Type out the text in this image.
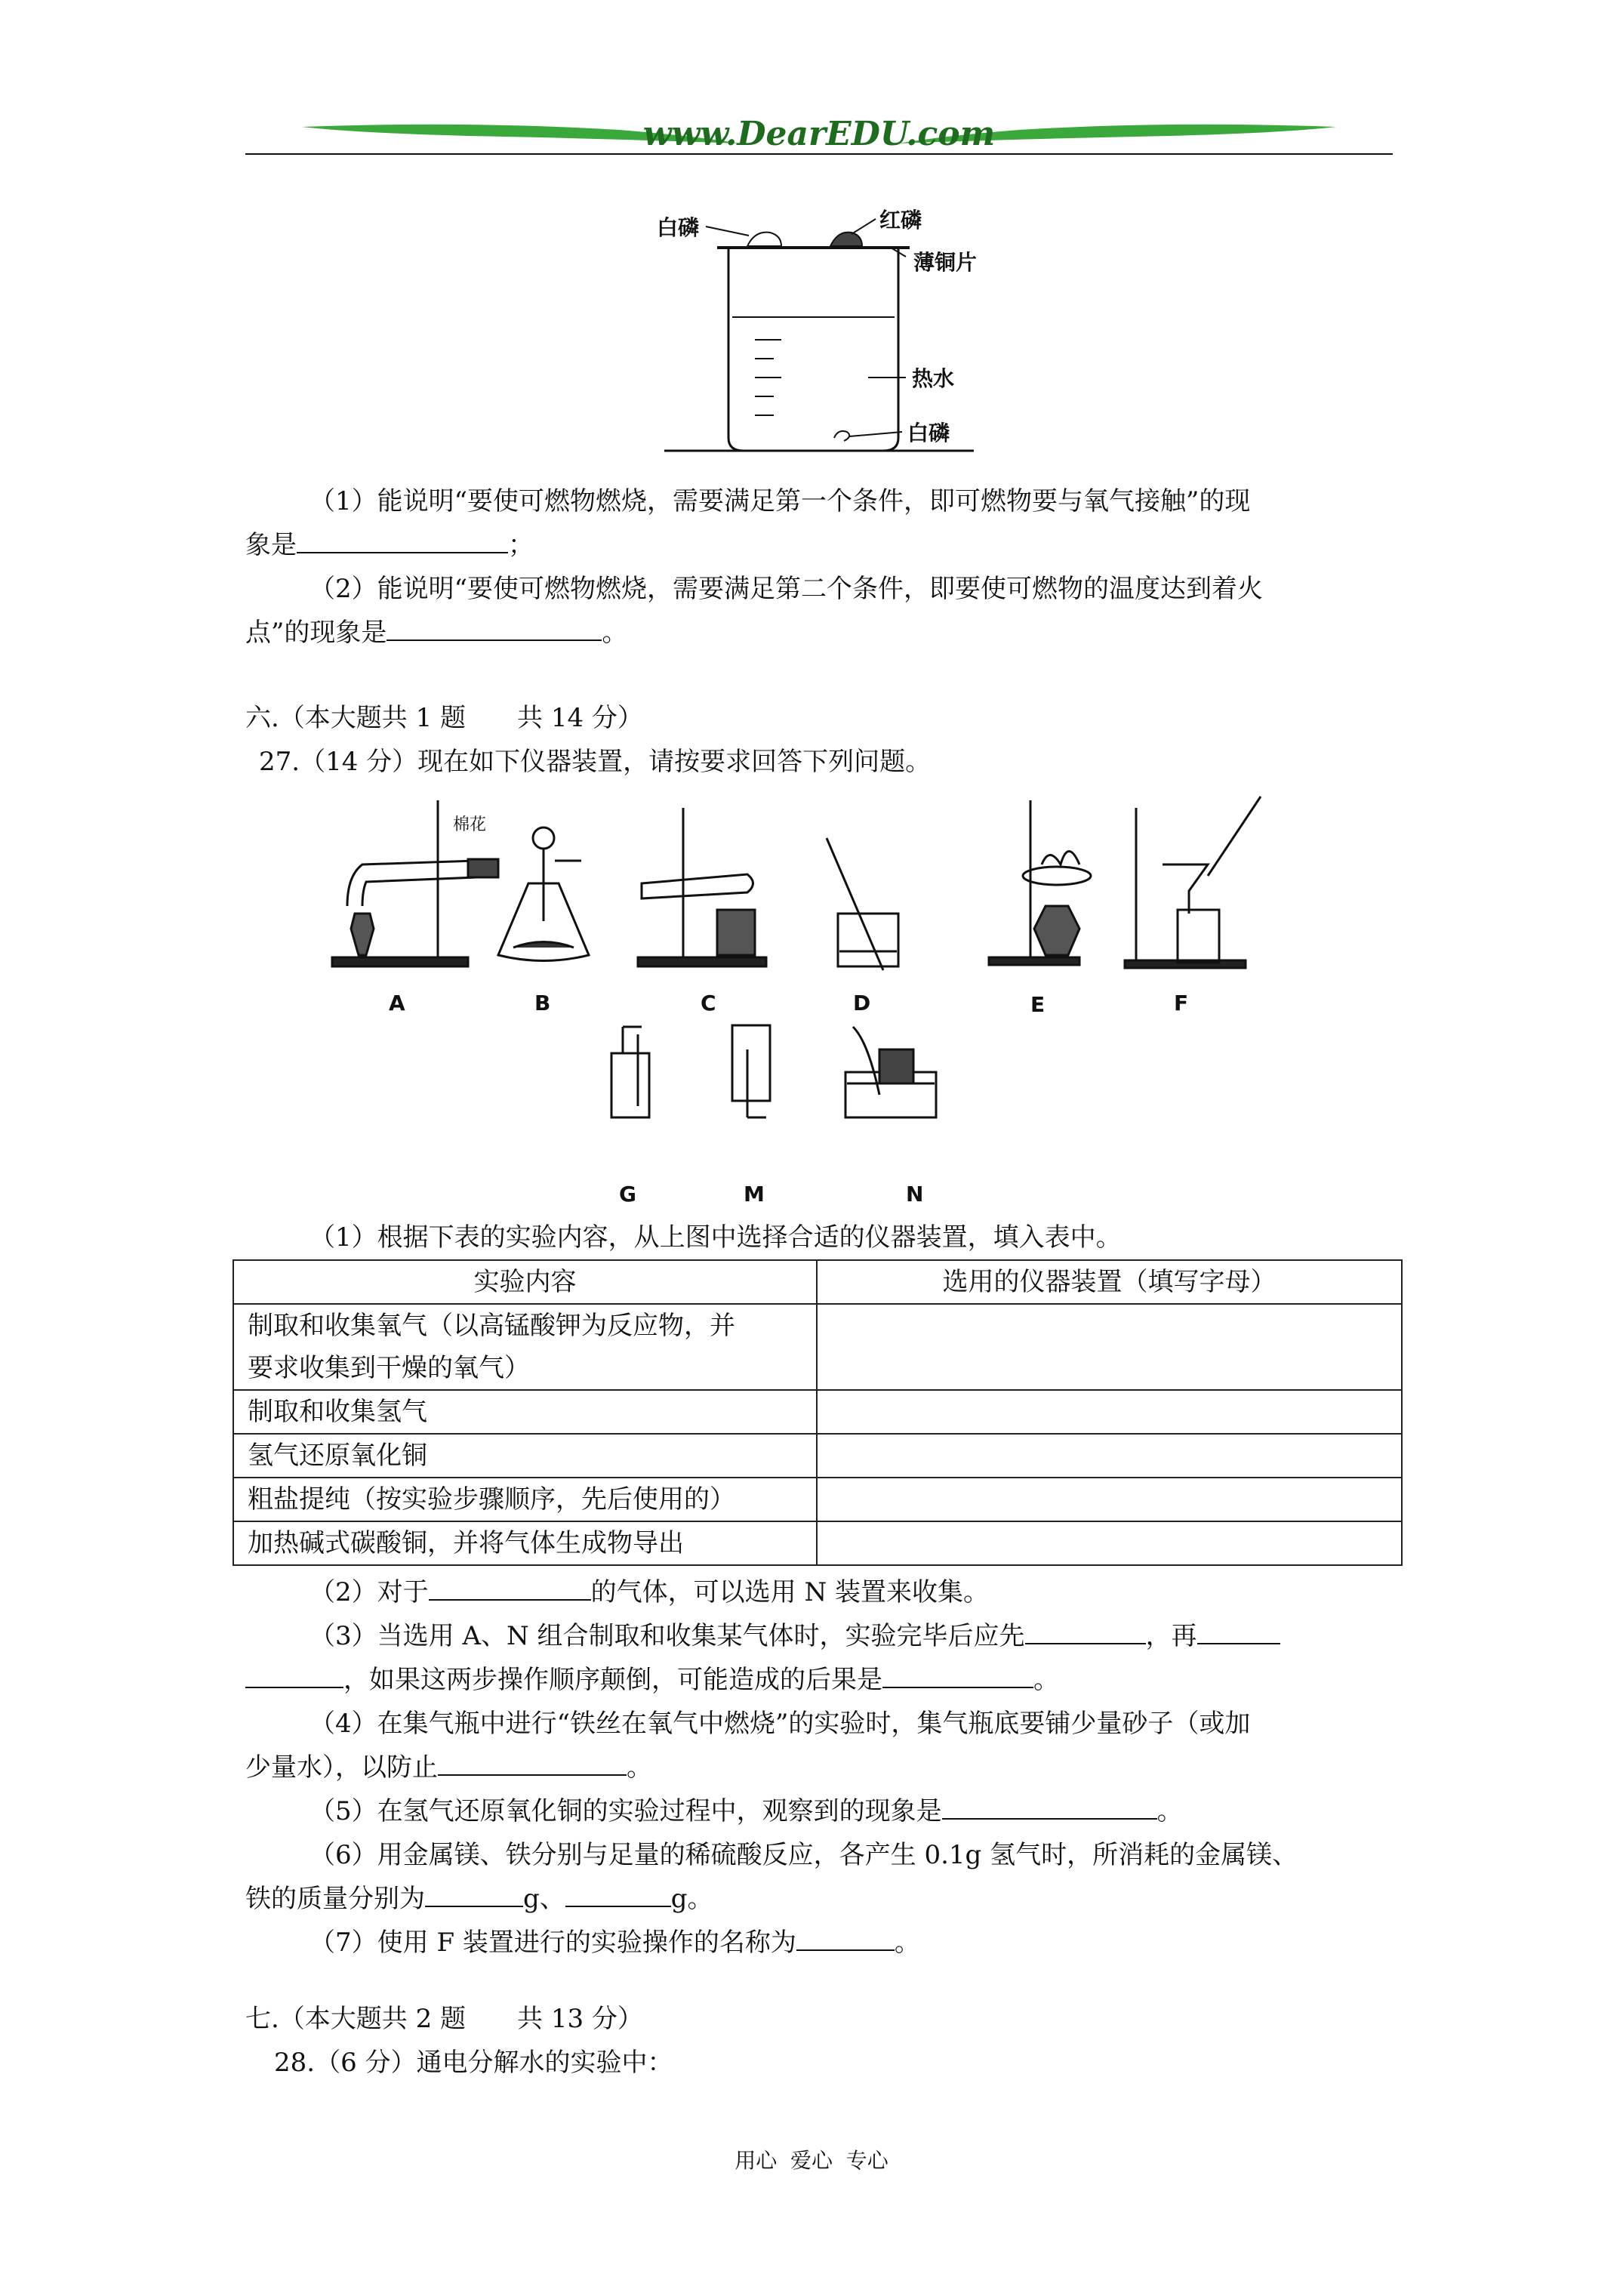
www.DearEDU.com
白磷	红磷
薄铜片
热水
白磷
（1）能说明“要使可燃物燃烧，需要满足第一个条件，即可燃物要与氧气接触”的现
象是	；
（2）能说明“要使可燃物燃烧，需要满足第二个条件，即要使可燃物的温度达到着火
点”的现象是	。
六.（本大题共 1 题　　共 14 分）
27.（14 分）现在如下仪器装置，请按要求回答下列问题。
A	B	C	D	E	F
G	M	N
棉花
（1）根据下表的实验内容，从上图中选择合适的仪器装置，填入表中。
实验内容	选用的仪器装置（填写字母）
制取和收集氧气（以高锰酸钾为反应物，并
要求收集到干燥的氧气）	
制取和收集氢气	
氢气还原氧化铜	
粗盐提纯（按实验步骤顺序，先后使用的）	
加热碱式碳酸铜，并将气体生成物导出	
（2）对于	的气体，可以选用 N 装置来收集。
（3）当选用 A、N 组合制取和收集某气体时，实验完毕后应先	，再
，如果这两步操作顺序颠倒，可能造成的后果是	。
（4）在集气瓶中进行“铁丝在氧气中燃烧”的实验时，集气瓶底要铺少量砂子（或加
少量水），以防止	。
（5）在氢气还原氧化铜的实验过程中，观察到的现象是	。
（6）用金属镁、铁分别与足量的稀硫酸反应，各产生 0.1g 氢气时，所消耗的金属镁、
铁的质量分别为	g、	g。
（7）使用 F 装置进行的实验操作的名称为	。
七.（本大题共 2 题　　共 13 分）
28.（6 分）通电分解水的实验中：
用心  爱心  专心
